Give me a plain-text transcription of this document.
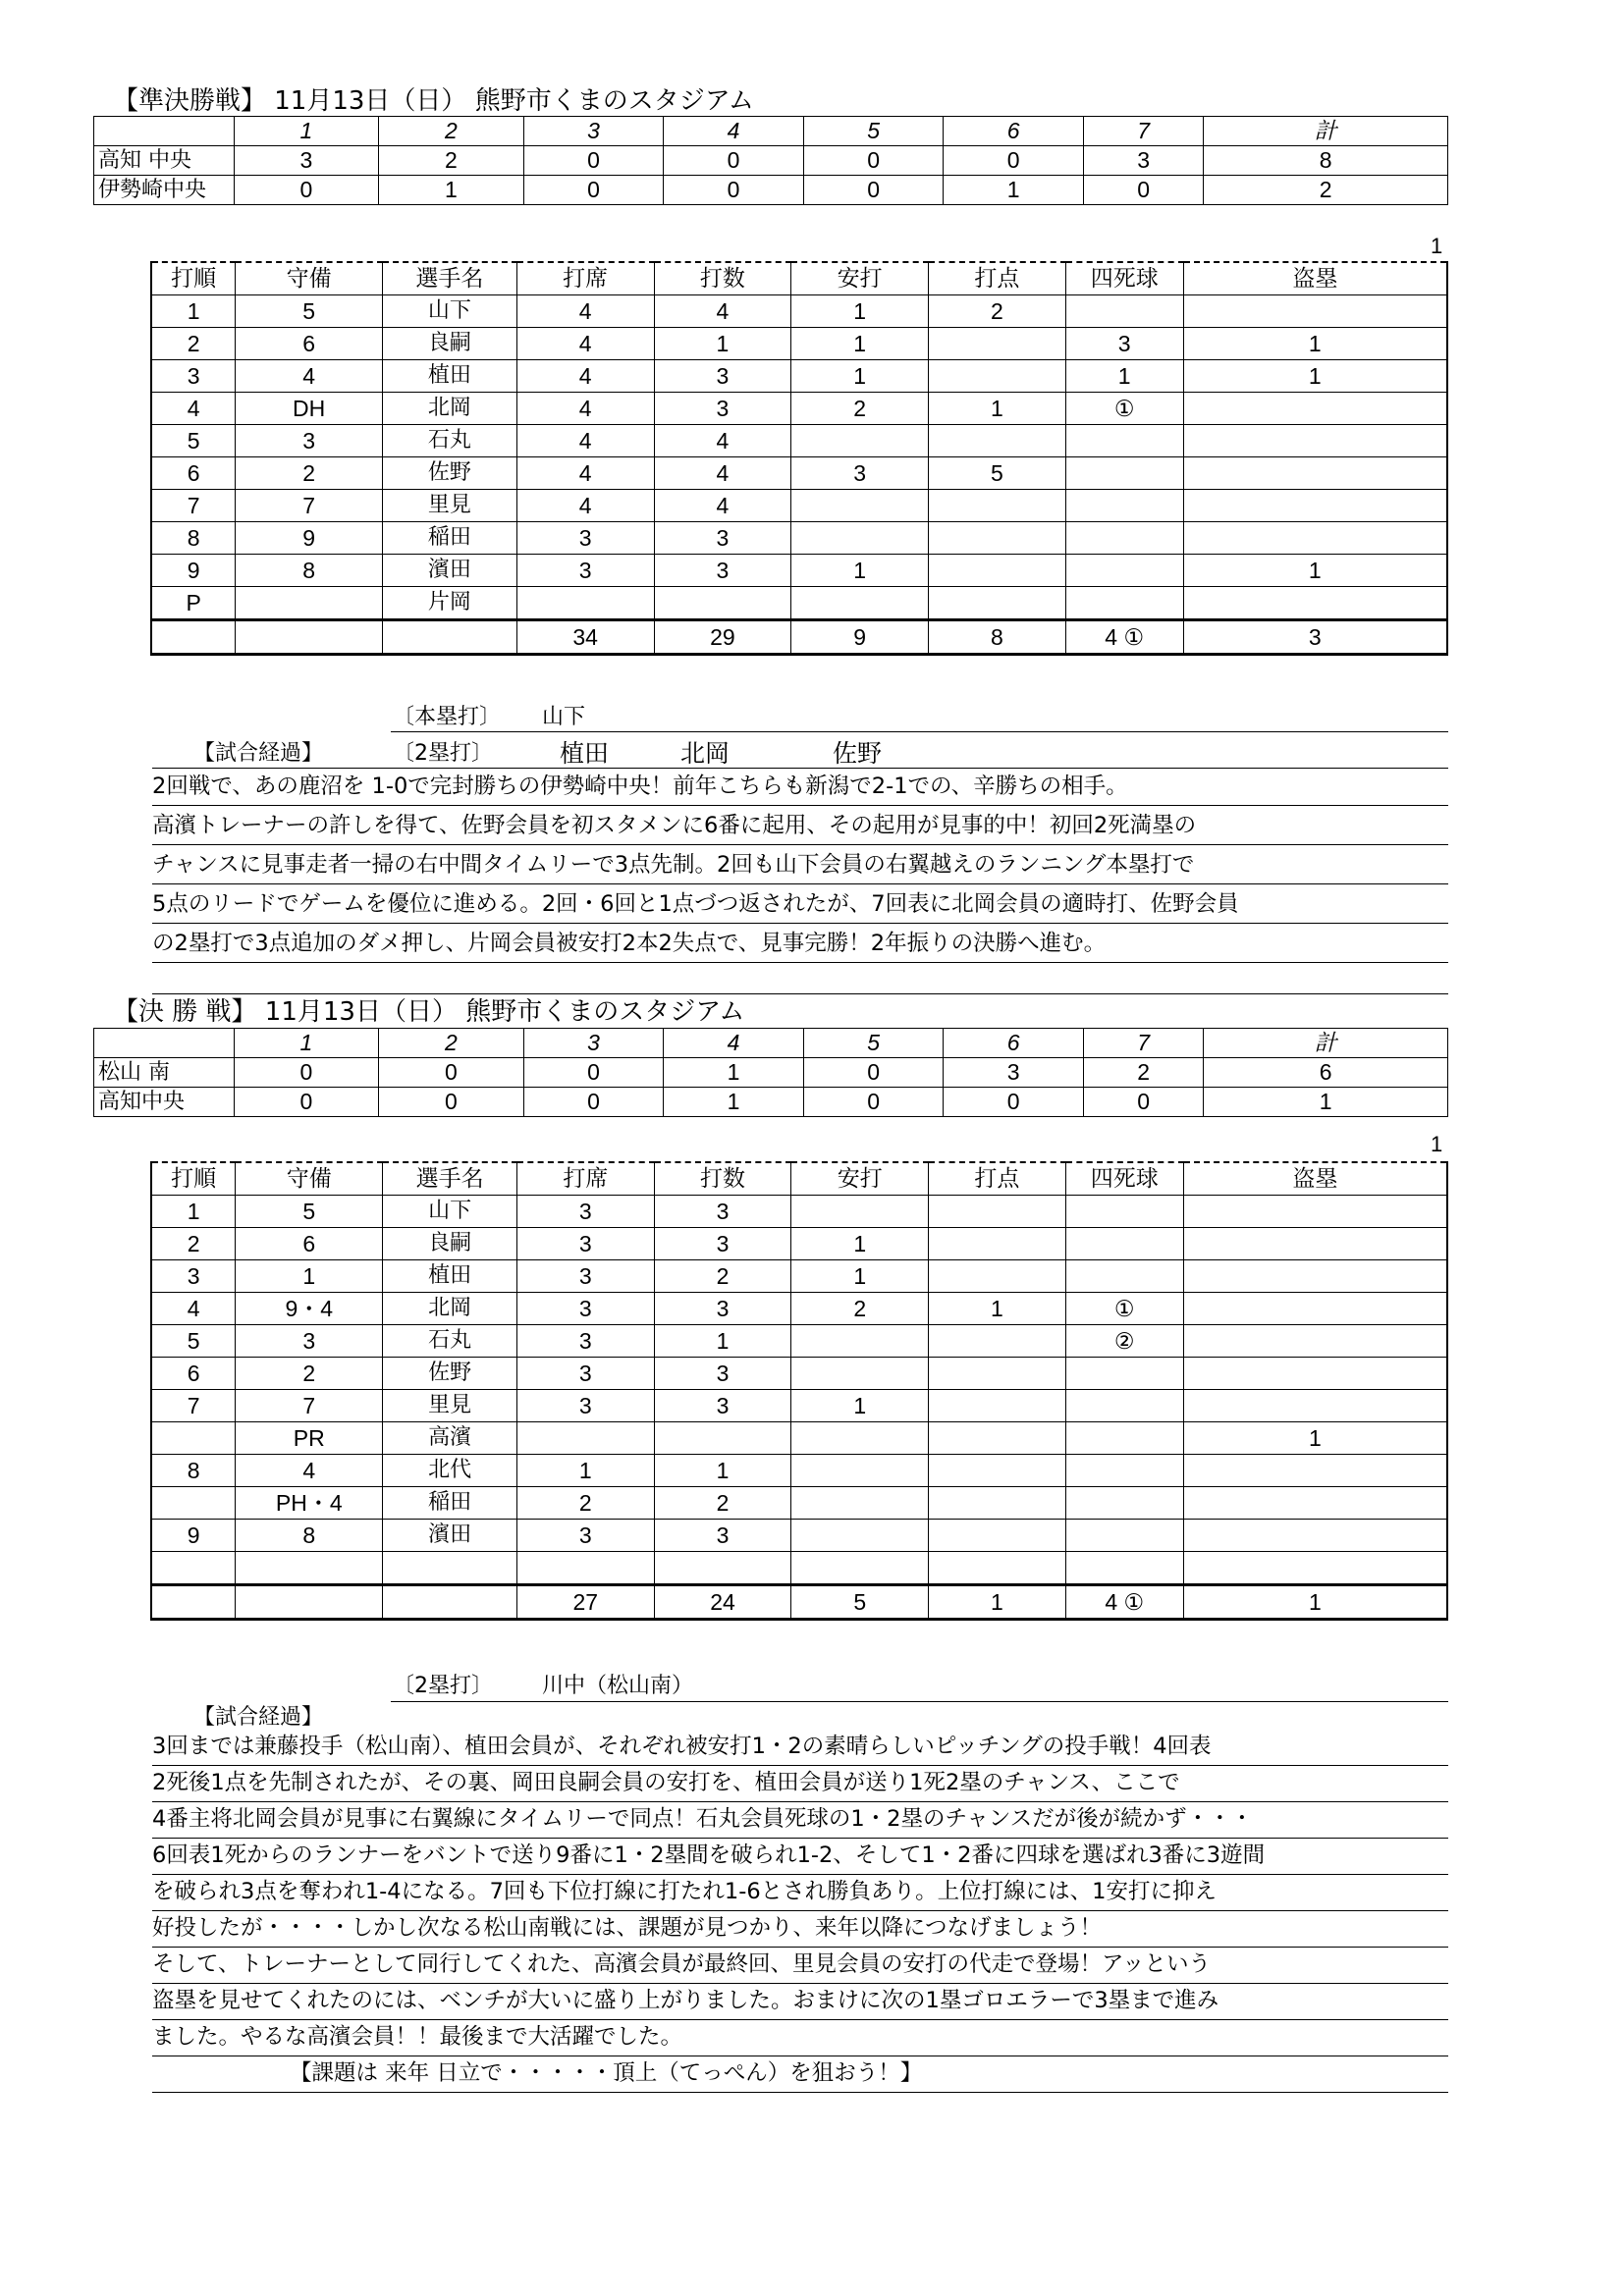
【準決勝戦】 11月13日（日） 熊野市くまのスタジアム
	1	2	3	4	5	6	7	計
高知 中央	3	2	0	0	0	0	3	8
伊勢崎中央	0	1	0	0	0	1	0	2
1
打順	守備	選手名	打席	打数	安打	打点	四死球	盗塁
1	5	山下	4	4	1	2		
2	6	良嗣	4	1	1		3	1
3	4	植田	4	3	1		1	1
4	DH	北岡	4	3	2	1	①	
5	3	石丸	4	4				
6	2	佐野	4	4	3	5		
7	7	里見	4	4				
8	9	稲田	3	3				
9	8	濱田	3	3	1			1
P		片岡						
			34	29	9	8	4 ①	3
〔本塁打〕 山下
【試合経過】	〔2塁打〕	植田	北岡	佐野
2回戦で、あの鹿沼を 1-0で完封勝ちの伊勢崎中央！前年こちらも新潟で2-1での、辛勝ちの相手。
高濱トレーナーの許しを得て、佐野会員を初スタメンに6番に起用、その起用が見事的中！初回2死満塁の
チャンスに見事走者一掃の右中間タイムリーで3点先制。2回も山下会員の右翼越えのランニング本塁打で
5点のリードでゲームを優位に進める。2回・6回と1点づつ返されたが、7回表に北岡会員の適時打、佐野会員
の2塁打で3点追加のダメ押し、片岡会員被安打2本2失点で、見事完勝！2年振りの決勝へ進む。
【決 勝 戦】 11月13日（日） 熊野市くまのスタジアム
	1	2	3	4	5	6	7	計
松山 南	0	0	0	1	0	3	2	6
高知中央	0	0	0	1	0	0	0	1
1
打順	守備	選手名	打席	打数	安打	打点	四死球	盗塁
1	5	山下	3	3				
2	6	良嗣	3	3	1			
3	1	植田	3	2	1			
4	9・4	北岡	3	3	2	1	①	
5	3	石丸	3	1			②	
6	2	佐野	3	3				
7	7	里見	3	3	1			
	PR	高濱						1
8	4	北代	1	1				
	PH・4	稲田	2	2				
9	8	濱田	3	3				

			27	24	5	1	4 ①	1
〔2塁打〕 川中（松山南）
【試合経過】
3回までは兼藤投手（松山南）、植田会員が、それぞれ被安打1・2の素晴らしいピッチングの投手戦！4回表
2死後1点を先制されたが、その裏、岡田良嗣会員の安打を、植田会員が送り1死2塁のチャンス、ここで
4番主将北岡会員が見事に右翼線にタイムリーで同点！石丸会員死球の1・2塁のチャンスだが後が続かず・・・
6回表1死からのランナーをバントで送り9番に1・2塁間を破られ1-2、そして1・2番に四球を選ばれ3番に3遊間
を破られ3点を奪われ1-4になる。7回も下位打線に打たれ1-6とされ勝負あり。上位打線には、1安打に抑え
好投したが・・・・しかし次なる松山南戦には、課題が見つかり、来年以降につなげましょう！
そして、トレーナーとして同行してくれた、高濱会員が最終回、里見会員の安打の代走で登場！アッという
盗塁を見せてくれたのには、ベンチが大いに盛り上がりました。おまけに次の1塁ゴロエラーで3塁まで進み
ました。やるな高濱会員！！最後まで大活躍でした。
【課題は 来年 日立で・・・・・頂上（てっぺん）を狙おう！】
